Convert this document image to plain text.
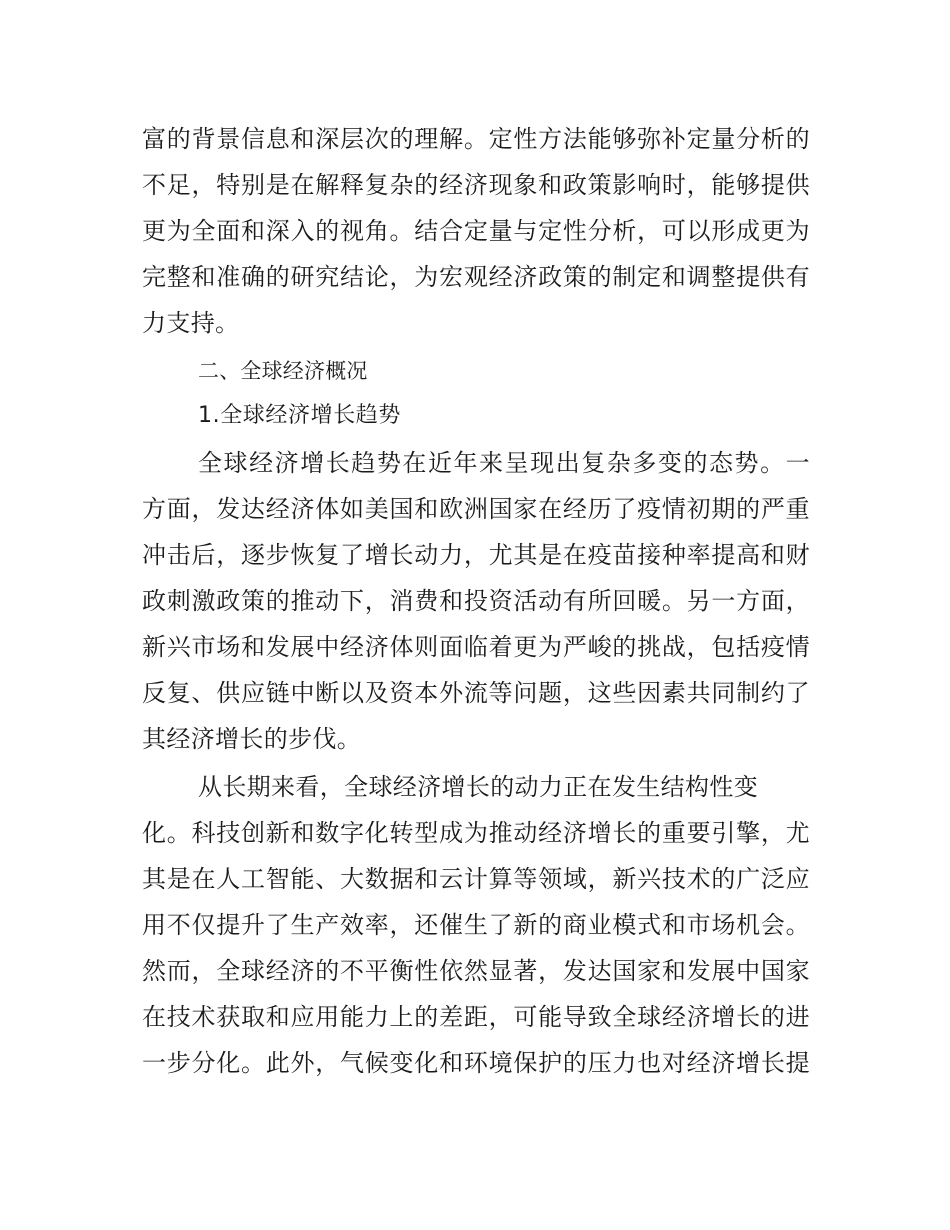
富的背景信息和深层次的理解。定性方法能够弥补定量分析的
不足，特别是在解释复杂的经济现象和政策影响时，能够提供
更为全面和深入的视角。结合定量与定性分析，可以形成更为
完整和准确的研究结论，为宏观经济政策的制定和调整提供有
力支持。
二、全球经济概况
1.全球经济增长趋势
全球经济增长趋势在近年来呈现出复杂多变的态势。一
方面，发达经济体如美国和欧洲国家在经历了疫情初期的严重
冲击后，逐步恢复了增长动力，尤其是在疫苗接种率提高和财
政刺激政策的推动下，消费和投资活动有所回暖。另一方面，
新兴市场和发展中经济体则面临着更为严峻的挑战，包括疫情
反复、供应链中断以及资本外流等问题，这些因素共同制约了
其经济增长的步伐。
从长期来看，全球经济增长的动力正在发生结构性变
化。科技创新和数字化转型成为推动经济增长的重要引擎，尤
其是在人工智能、大数据和云计算等领域，新兴技术的广泛应
用不仅提升了生产效率，还催生了新的商业模式和市场机会。
然而，全球经济的不平衡性依然显著，发达国家和发展中国家
在技术获取和应用能力上的差距，可能导致全球经济增长的进
一步分化。此外，气候变化和环境保护的压力也对经济增长提
